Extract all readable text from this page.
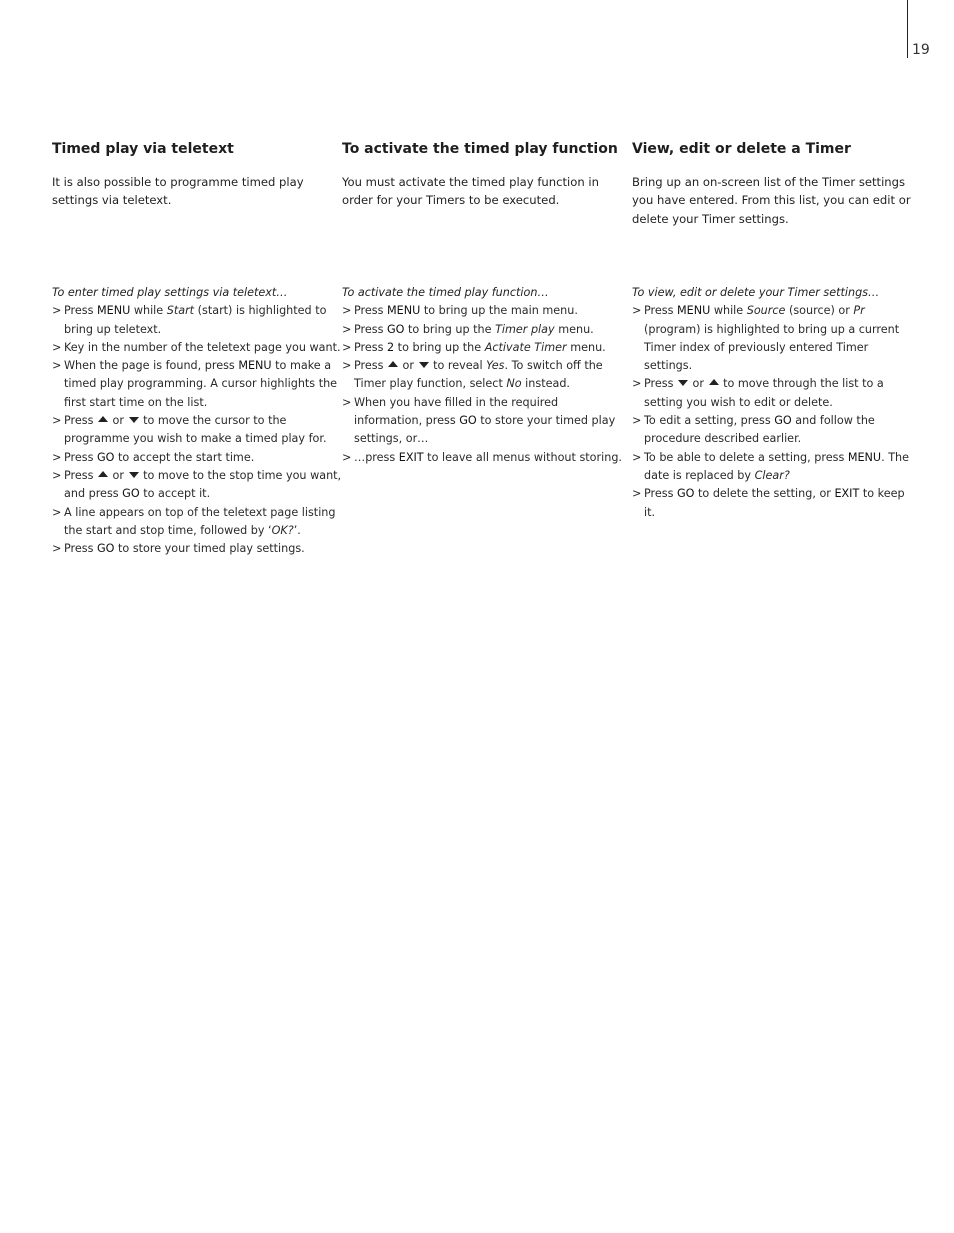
19
Timed play via teletext

It is also possible to programme timed play settings via teletext.

To activate the timed play function

You must activate the timed play function in order for your Timers to be executed.

View, edit or delete a Timer

Bring up an on-screen list of the Timer settings you have entered. From this list, you can edit or delete your Timer settings.

To enter timed play settings via teletext…

> Press MENU while Start (start) is highlighted to bring up teletext.
> Key in the number of the teletext page you want.
> When the page is found, press MENU to make a timed play programming. A cursor highlights the first start time on the list.
> Press  or  to move the cursor to the programme you wish to make a timed play for.
> Press GO to accept the start time.
> Press  or  to move to the stop time you want, and press GO to accept it.
> A line appears on top of the teletext page listing the start and stop time, followed by ‘OK?’.
> Press GO to store your timed play settings.

To activate the timed play function…

> Press MENU to bring up the main menu.
> Press GO to bring up the Timer play menu.
> Press 2 to bring up the Activate Timer menu.
> Press  or  to reveal Yes. To switch off the Timer play function, select No instead.
> When you have filled in the required information, press GO to store your timed play settings, or…
> …press EXIT to leave all menus without storing.

To view, edit or delete your Timer settings…

> Press MENU while Source (source) or Pr (program) is highlighted to bring up a current Timer index of previously entered Timer settings.
> Press  or  to move through the list to a setting you wish to edit or delete.
> To edit a setting, press GO and follow the procedure described earlier.
> To be able to delete a setting, press MENU. The date is replaced by Clear?
> Press GO to delete the setting, or EXIT to keep it.
